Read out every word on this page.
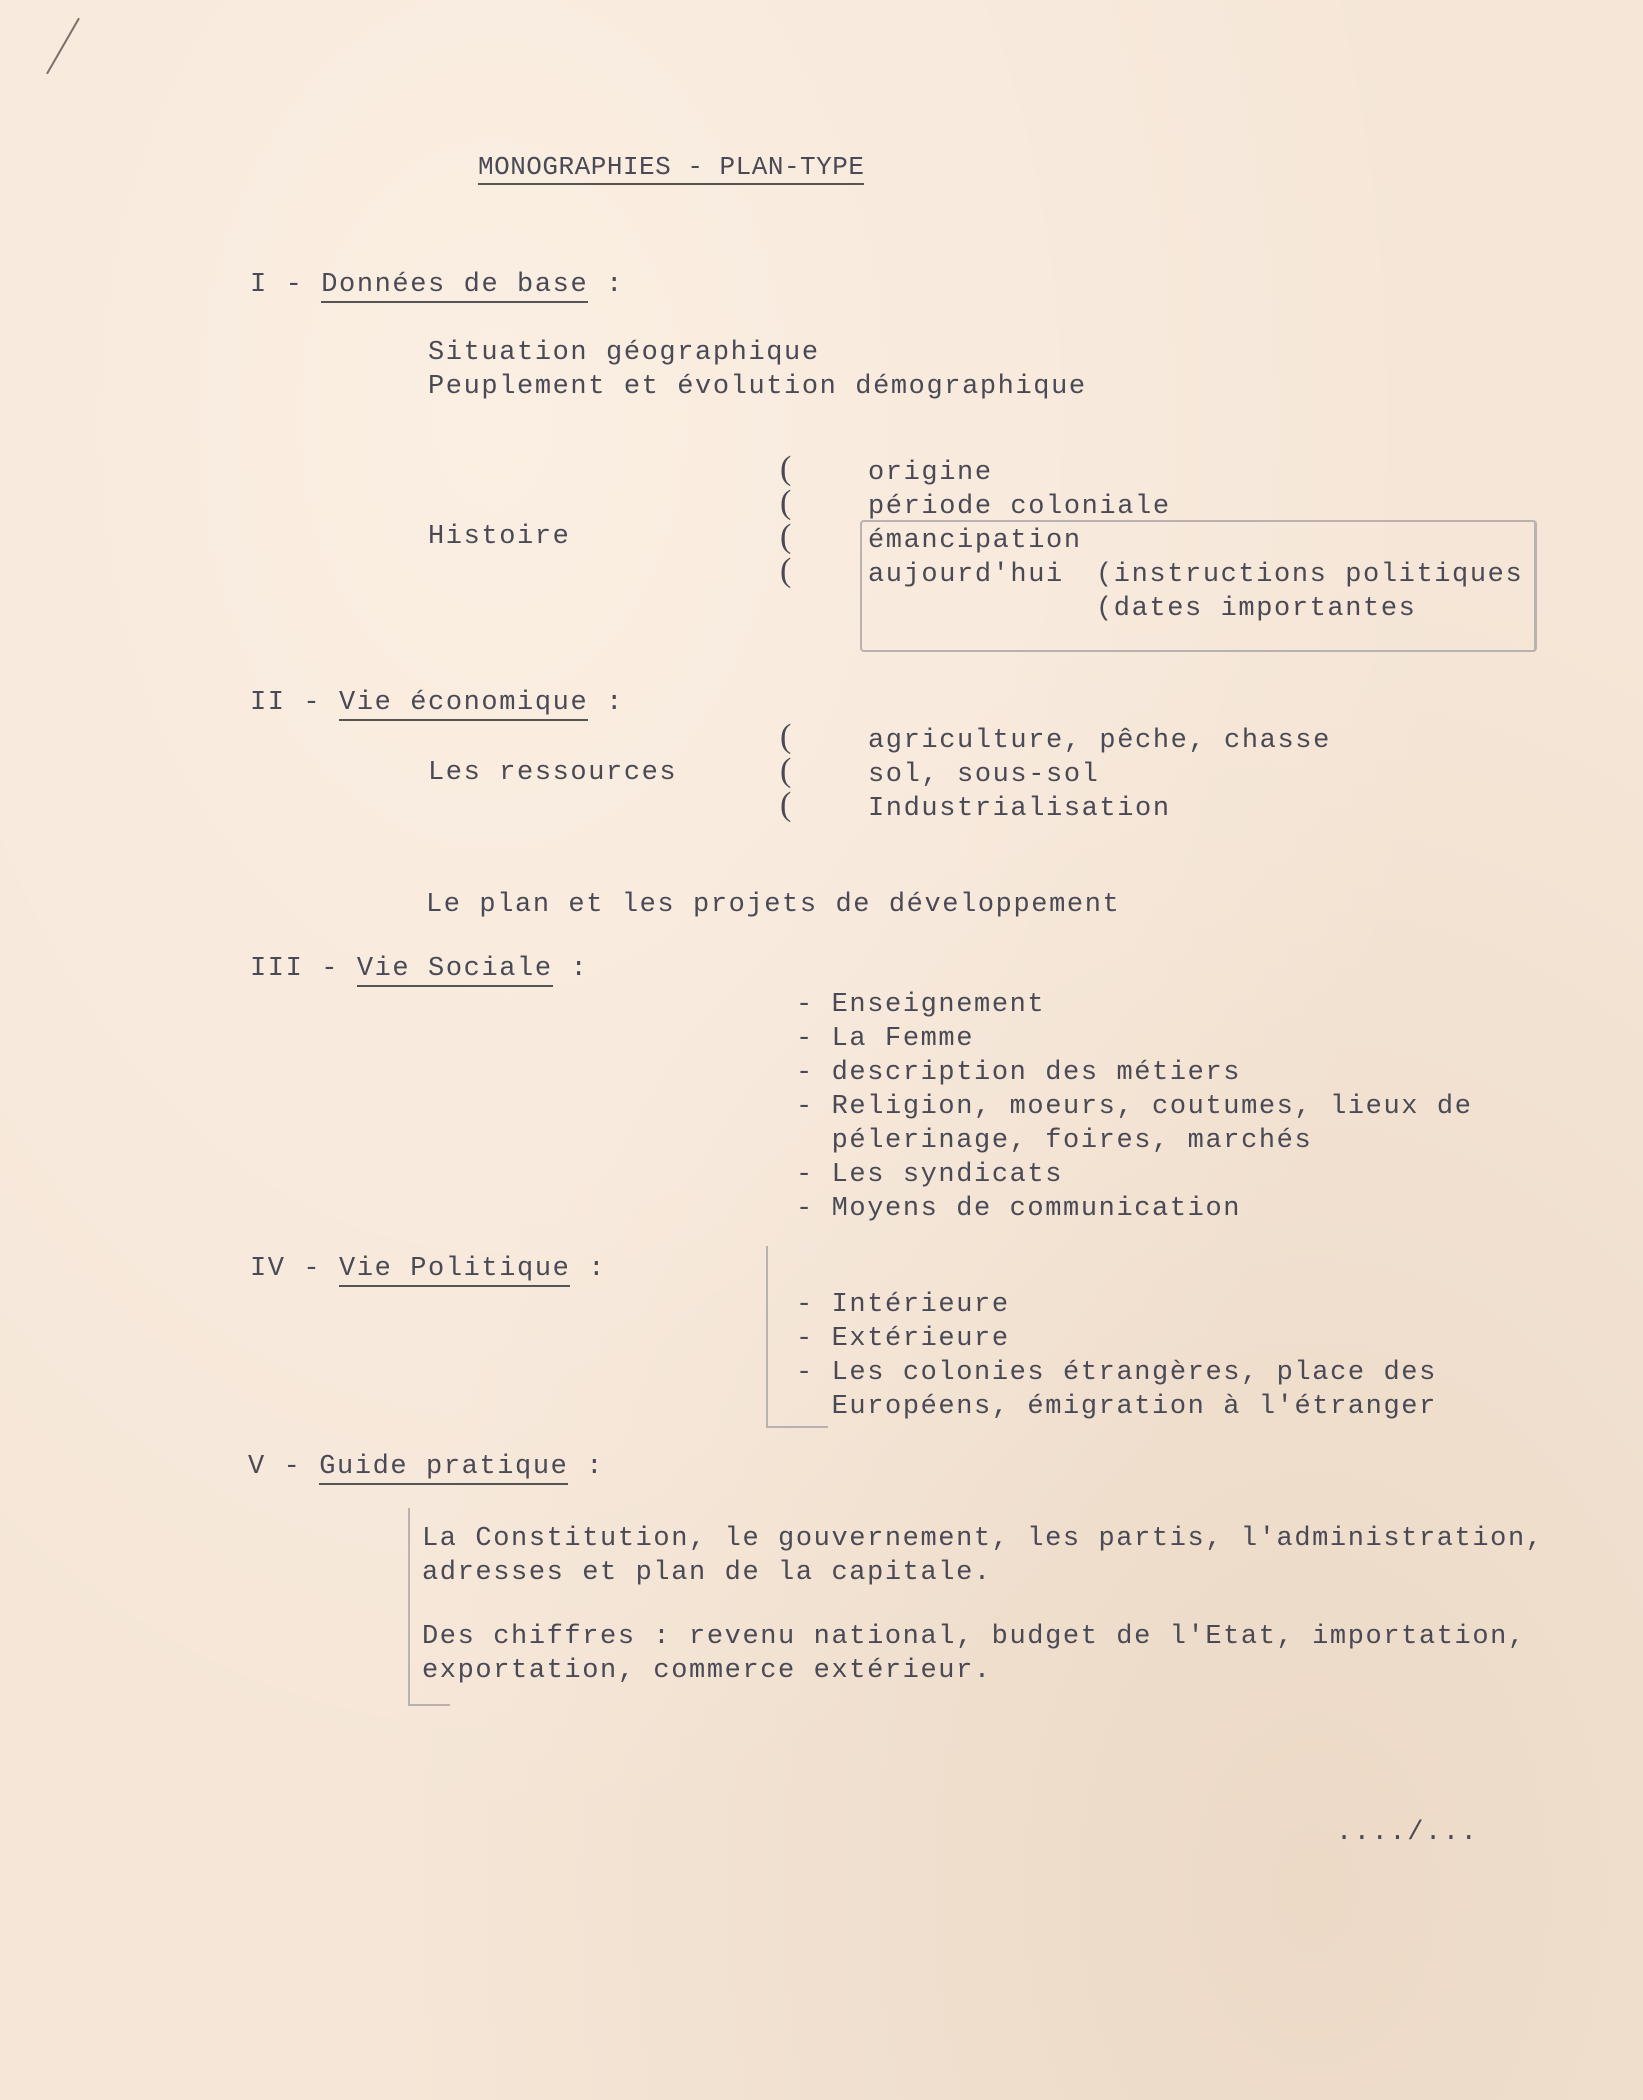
MONOGRAPHIES - PLAN-TYPE
I - Données de base :
Situation géographique
Peuplement et évolution démographique
Histoire
(
(
(
(
origine
période coloniale
émancipation
aujourd'hui (instructions politiques
(dates importantes
II - Vie économique :
Les ressources
(
(
(
agriculture, pêche, chasse
sol, sous-sol
Industrialisation
Le plan et les projets de développement
III - Vie Sociale :
- Enseignement
- La Femme
- description des métiers
- Religion, moeurs, coutumes, lieux de
pélerinage, foires, marchés
- Les syndicats
- Moyens de communication
IV - Vie Politique :
- Intérieure
- Extérieure
- Les colonies étrangères, place des
Européens, émigration à l'étranger
V - Guide pratique :
La Constitution, le gouvernement, les partis, l'administration,
adresses et plan de la capitale.
Des chiffres : revenu national, budget de l'Etat, importation,
exportation, commerce extérieur.
..../...
